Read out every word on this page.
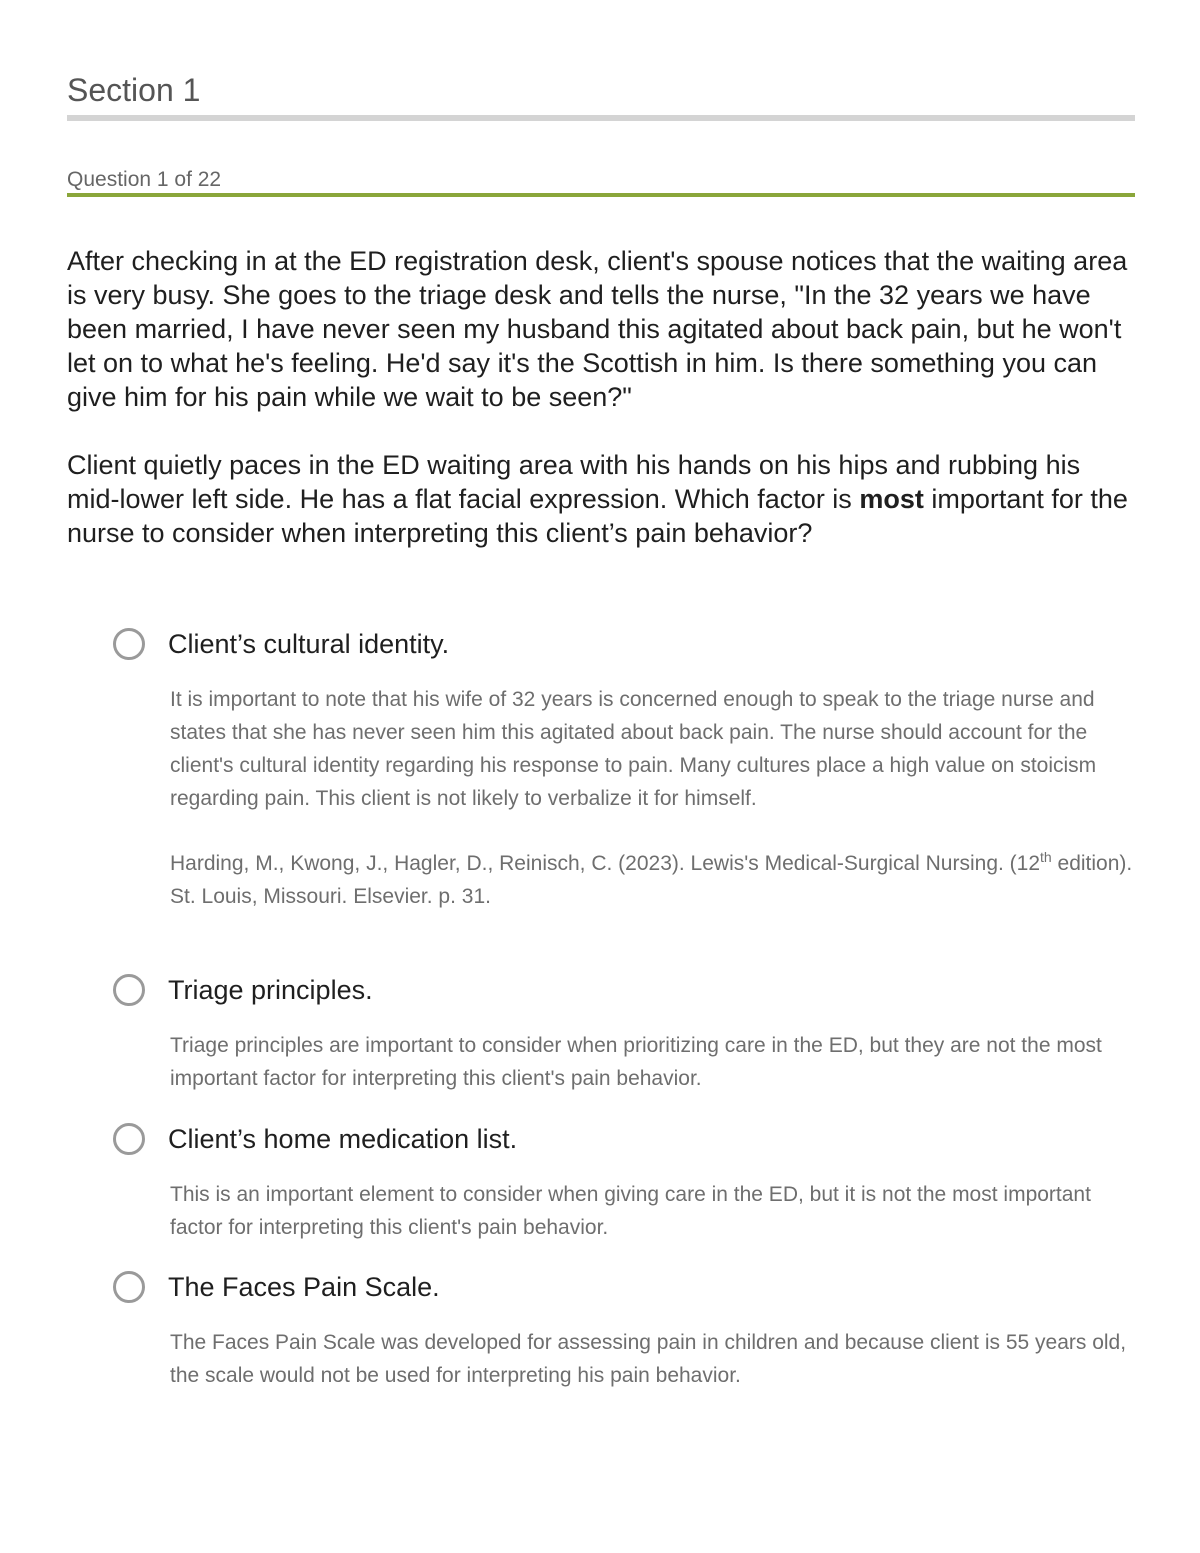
Section 1
Question 1 of 22

After checking in at the ED registration desk, client's spouse notices that the waiting area is very busy. She goes to the triage desk and tells the nurse, "In the 32 years we have been married, I have never seen my husband this agitated about back pain, but he won't let on to what he's feeling. He'd say it's the Scottish in him. Is there something you can give him for his pain while we wait to be seen?"

Client quietly paces in the ED waiting area with his hands on his hips and rubbing his mid-lower left side. He has a flat facial expression. Which factor is most important for the nurse to consider when interpreting this client’s pain behavior?

Client’s cultural identity.

It is important to note that his wife of 32 years is concerned enough to speak to the triage nurse and states that she has never seen him this agitated about back pain. The nurse should account for the client's cultural identity regarding his response to pain. Many cultures place a high value on stoicism regarding pain. This client is not likely to verbalize it for himself.

Harding, M., Kwong, J., Hagler, D., Reinisch, C. (2023). Lewis's Medical-Surgical Nursing. (12th edition). St. Louis, Missouri. Elsevier. p. 31.

Triage principles.

Triage principles are important to consider when prioritizing care in the ED, but they are not the most important factor for interpreting this client's pain behavior.

Client’s home medication list.

This is an important element to consider when giving care in the ED, but it is not the most important factor for interpreting this client's pain behavior.

The Faces Pain Scale.

The Faces Pain Scale was developed for assessing pain in children and because client is 55 years old, the scale would not be used for interpreting his pain behavior.
